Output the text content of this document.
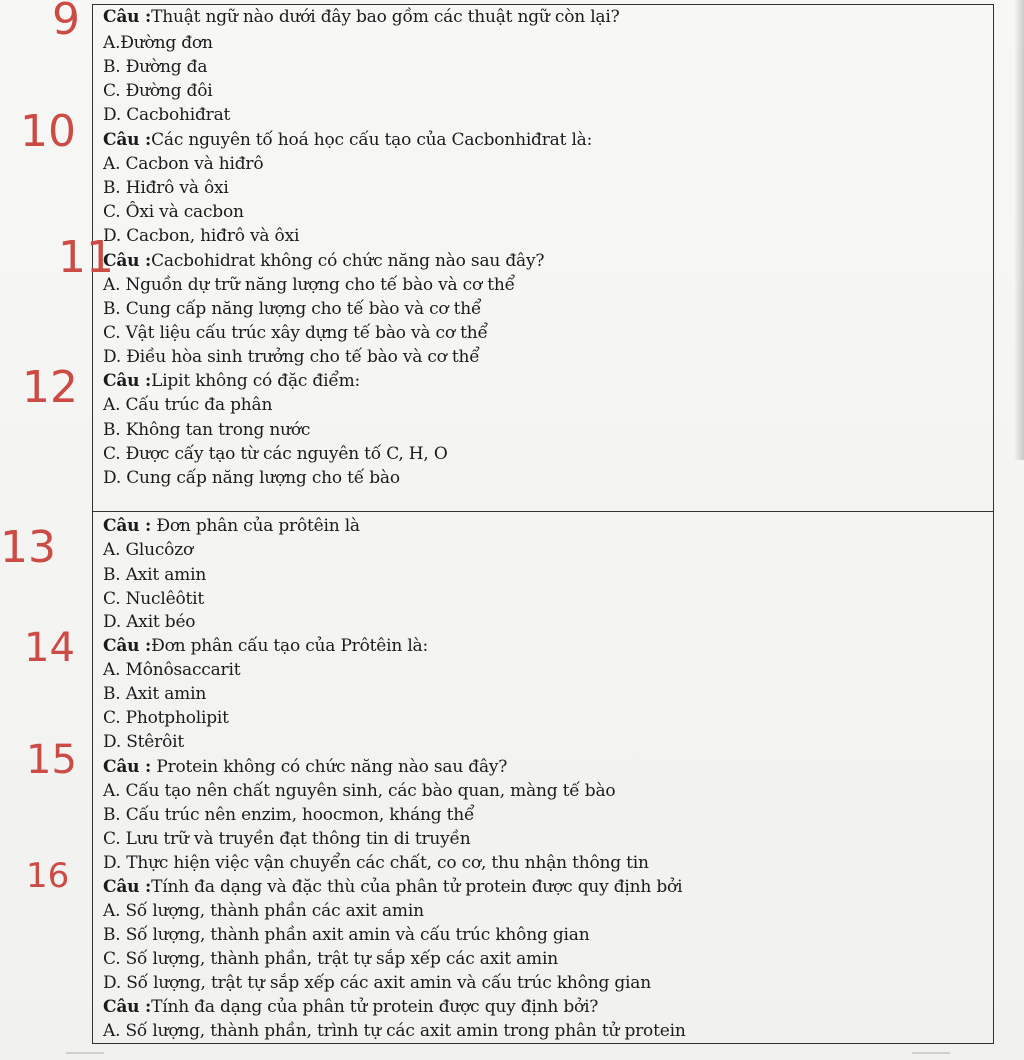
9
10
11
12
13
14
15
16
Câu :Thuật ngữ nào dưới đây bao gồm các thuật ngữ còn lại?
A.Đường đơn
B. Đường đa
C. Đường đôi
D. Cacbohiđrat
Câu :Các nguyên tố hoá học cấu tạo của Cacbonhiđrat là:
A. Cacbon và hiđrô
B. Hiđrô và ôxi
C. Ôxi và cacbon
D. Cacbon, hiđrô và ôxi
Câu :Cacbohidrat không có chức năng nào sau đây?
A. Nguồn dự trữ năng lượng cho tế bào và cơ thể
B. Cung cấp năng lượng cho tế bào và cơ thể
C. Vật liệu cấu trúc xây dựng tế bào và cơ thể
D. Điều hòa sinh trưởng cho tế bào và cơ thể
Câu :Lipit không có đặc điểm:
A. Cấu trúc đa phân
B. Không tan trong nước
C. Được cấy tạo từ các nguyên tố C, H, O
D. Cung cấp năng lượng cho tế bào
Câu : Đơn phân của prôtêin là
A. Glucôzơ
B. Axit amin
C. Nuclêôtit
D. Axit béo
Câu :Đơn phân cấu tạo của Prôtêin là:
A. Mônôsaccarit
B. Axit amin
C. Photpholipit
D. Stêrôit
Câu : Protein không có chức năng nào sau đây?
A. Cấu tạo nên chất nguyên sinh, các bào quan, màng tế bào
B. Cấu trúc nên enzim, hoocmon, kháng thể
C. Lưu trữ và truyền đạt thông tin di truyền
D. Thực hiện việc vận chuyển các chất, co cơ, thu nhận thông tin
Câu :Tính đa dạng và đặc thù của phân tử protein được quy định bởi
A. Số lượng, thành phần các axit amin
B. Số lượng, thành phần axit amin và cấu trúc không gian
C. Số lượng, thành phần, trật tự sắp xếp các axit amin
D. Số lượng, trật tự sắp xếp các axit amin và cấu trúc không gian
Câu :Tính đa dạng của phân tử protein được quy định bởi?
A. Số lượng, thành phần, trình tự các axit amin trong phân tử protein
